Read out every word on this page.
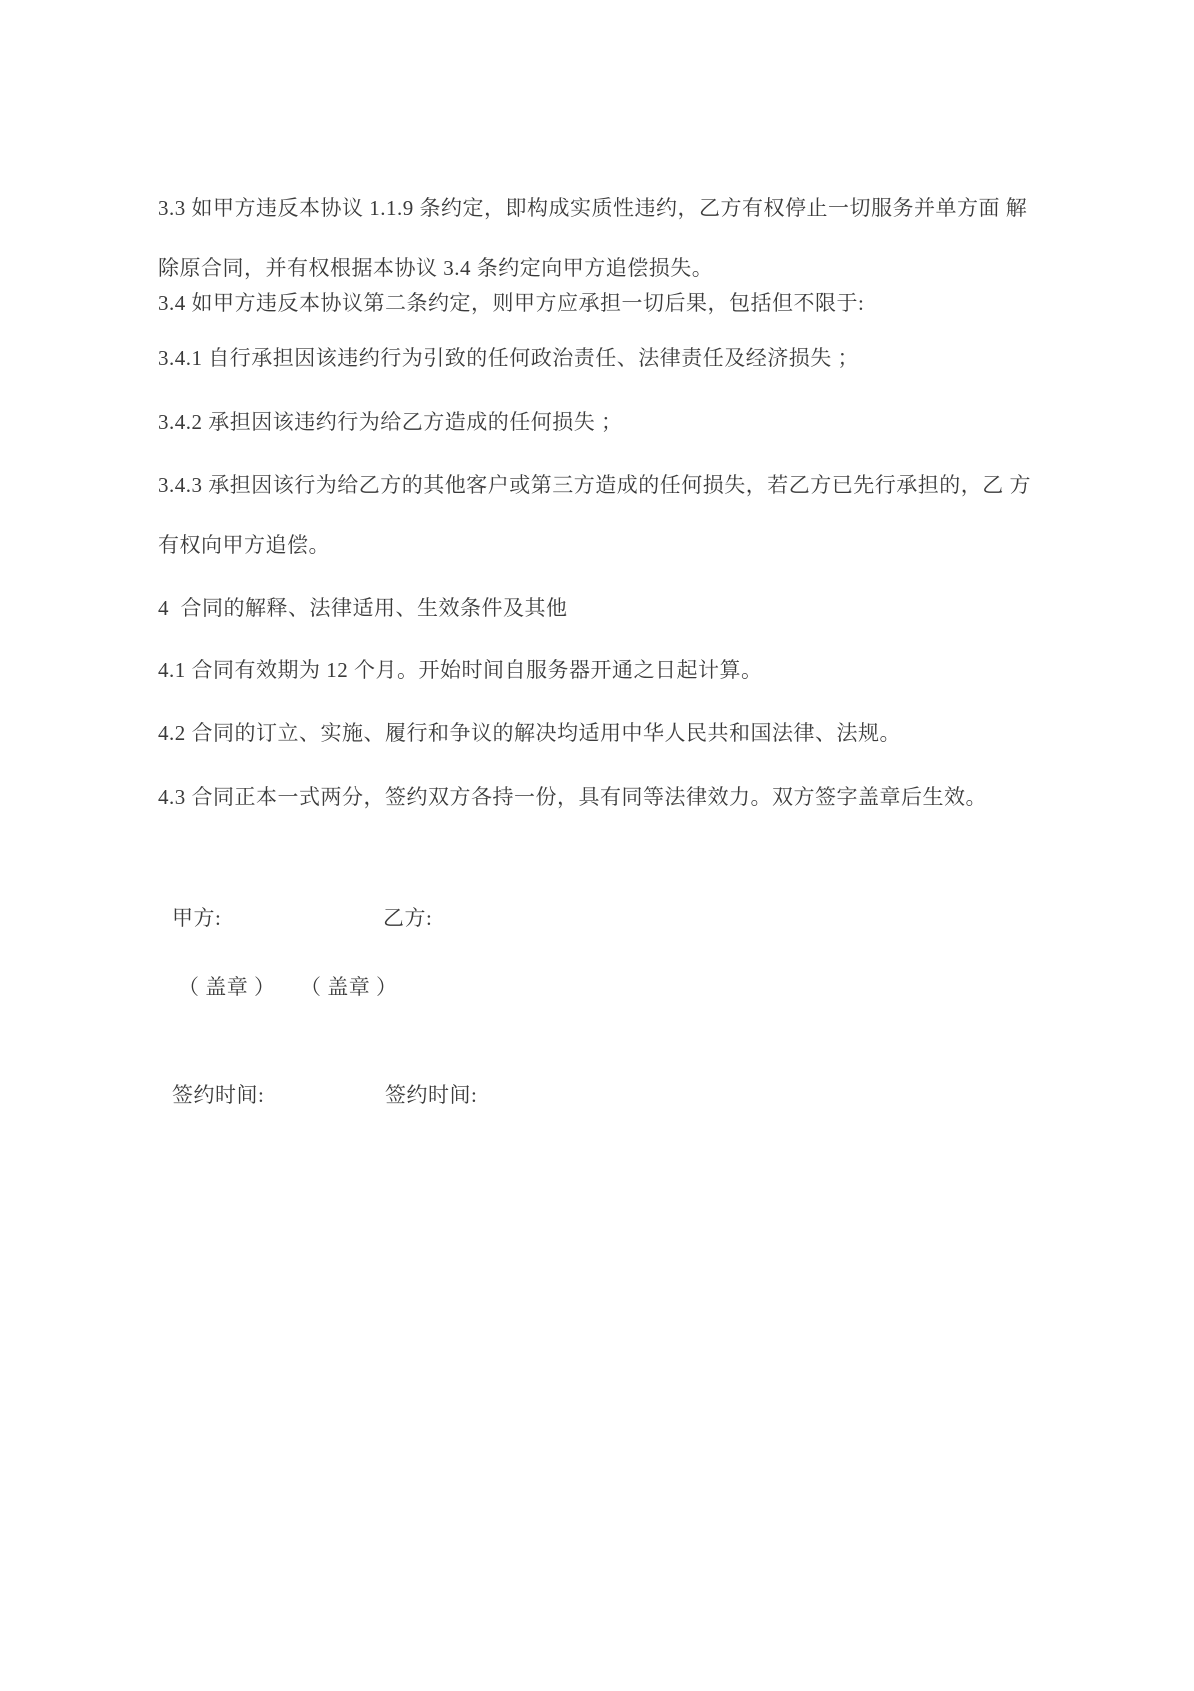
3.3 如甲方违反本协议 1.1.9 条约定，即构成实质性违约，乙方有权停止一切服务并单方面 解
除原合同，并有权根据本协议 3.4 条约定向甲方追偿损失。
3.4 如甲方违反本协议第二条约定，则甲方应承担一切后果，包括但不限于:
3.4.1 自行承担因该违约行为引致的任何政治责任、法律责任及经济损失 ；
3.4.2 承担因该违约行为给乙方造成的任何损失 ；
3.4.3 承担因该行为给乙方的其他客户或第三方造成的任何损失，若乙方已先行承担的，乙 方
有权向甲方追偿。
4  合同的解释、法律适用、生效条件及其他
4.1 合同有效期为 12 个月。开始时间自服务器开通之日起计算。
4.2 合同的订立、实施、履行和争议的解决均适用中华人民共和国法律、法规。
4.3 合同正本一式两分，签约双方各持一份，具有同等法律效力。双方签字盖章后生效。
甲方:	乙方:
（ 盖章 ） （ 盖章 ）
签约时间:	签约时间:
